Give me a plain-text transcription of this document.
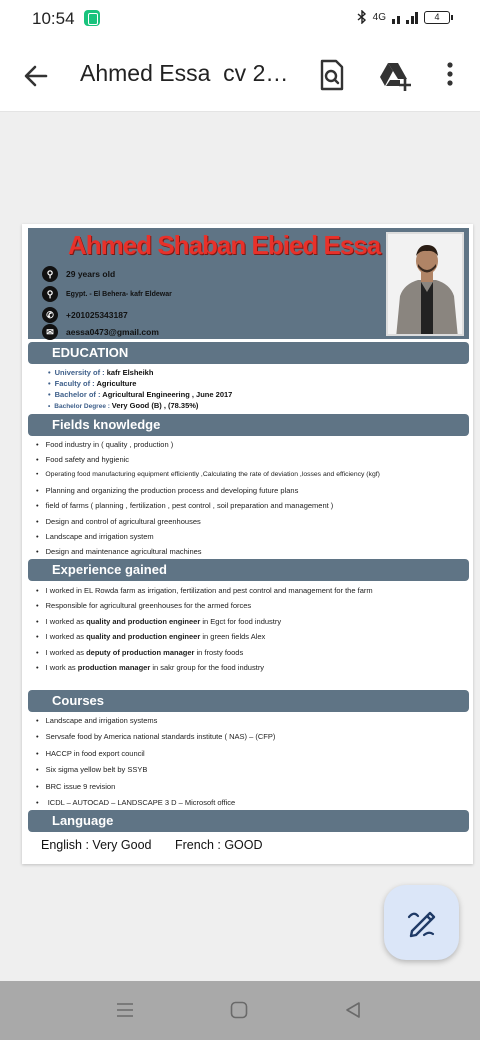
10:54	4G	4
Ahmed Essa  cv 2…
Ahmed Shaban Ebied Essa
⚲	29 years old
⚲	Egypt. - El Behera- kafr Eldewar
✆	+201025343187
✉	aessa0473@gmail.com
EDUCATION
• University of : kafr Elsheikh
• Faculty of : Agriculture
• Bachelor of : Agricultural Engineering , June 2017
• Bachelor Degree : Very Good (B) , (78.35%)
Fields knowledge
• Food industry in ( quality , production )
• Food safety and hygienic
• Operating food manufacturing equipment efficiently ,Calculating the rate of deviation ,losses and efficiency (kgf)
• Planning and organizing the production process and developing future plans
• field of farms ( planning , fertilization , pest control , soil preparation and management )
• Design and control of agricultural greenhouses
• Landscape and irrigation system
• Design and maintenance agricultural machines
Experience gained
• I worked in EL Rowda farm as irrigation, fertilization and pest control and management for the farm
• Responsible for agricultural greenhouses for the armed forces
• I worked as quality and production engineer in Egct for food industry
• I worked as quality and production engineer in green fields Alex
• I worked as deputy of production manager in frosty foods
• I work as production manager in sakr group for the food industry
Courses
• Landscape and irrigation systems
• Servsafe food by America national standards institute ( NAS) – (CFP)
• HACCP in food export council
• Six sigma yellow belt by SSYB
• BRC issue 9 revision
• ICDL – AUTOCAD – LANDSCAPE 3 D – Microsoft office
Language
English : Very Good French : GOOD
